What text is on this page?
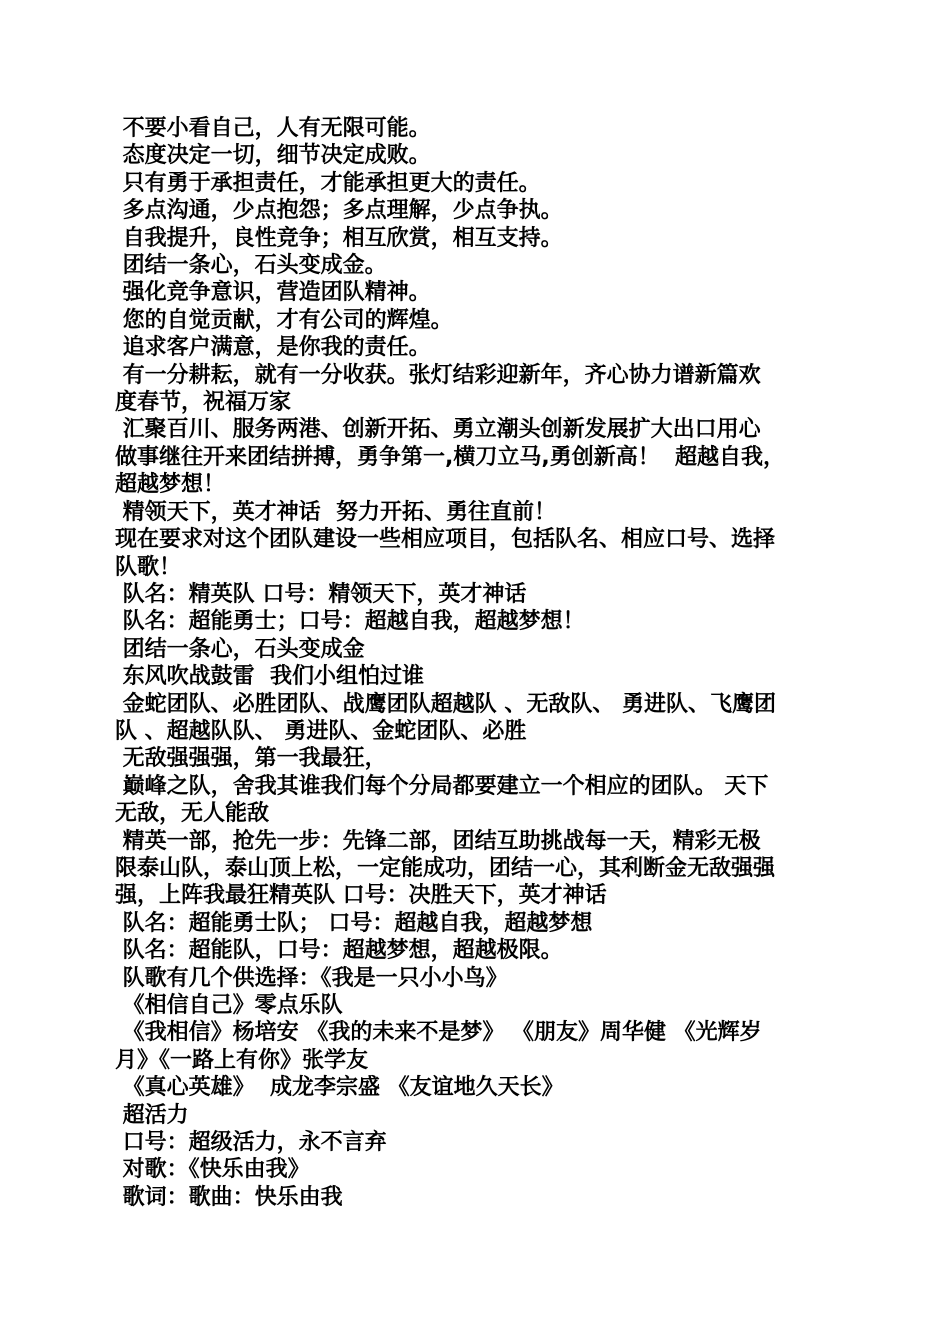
不要小看自己，人有无限可能。

态度决定一切，细节决定成败。

只有勇于承担责任，才能承担更大的责任。

多点沟通，少点抱怨；多点理解，少点争执。

自我提升，良性竞争；相互欣赏，相互支持。

团结一条心，石头变成金。

强化竞争意识，营造团队精神。

您的自觉贡献，才有公司的辉煌。

追求客户满意，是你我的责任。

有一分耕耘，就有一分收获。张灯结彩迎新年，齐心协力谱新篇欢

度春节，祝福万家

汇聚百川、服务两港、创新开拓、勇立潮头创新发展扩大出口用心

做事继往开来团结拼搏，勇争第一,横刀立马,勇创新高！  超越自我，

超越梦想！

精领天下，英才神话  努力开拓、勇往直前！

现在要求对这个团队建设一些相应项目，包括队名、相应口号、选择

队歌！

队名：精英队 口号：精领天下，英才神话

队名：超能勇士；口号：超越自我，超越梦想！

团结一条心，石头变成金

东风吹战鼓雷  我们小组怕过谁

金蛇团队、必胜团队、战鹰团队超越队 、无敌队、 勇进队、飞鹰团

队 、超越队队、 勇进队、金蛇团队、必胜

无敌强强强，第一我最狂，

巅峰之队，舍我其谁我们每个分局都要建立一个相应的团队。 天下

无敌，无人能敌

精英一部，抢先一步：先锋二部，团结互助挑战每一天，精彩无极

限泰山队，泰山顶上松，一定能成功，团结一心，其利断金无敌强强

强，上阵我最狂精英队 口号：决胜天下，英才神话

队名：超能勇士队； 口号：超越自我，超越梦想

队名：超能队，口号：超越梦想，超越极限。

队歌有几个供选择：《我是一只小小鸟》

《相信自己》零点乐队

《我相信》杨培安 《我的未来不是梦》 《朋友》周华健 《光辉岁

月》《一路上有你》张学友

《真心英雄》  成龙李宗盛 《友谊地久天长》

超活力

口号：超级活力，永不言弃

对歌：《快乐由我》

歌词：歌曲：快乐由我
